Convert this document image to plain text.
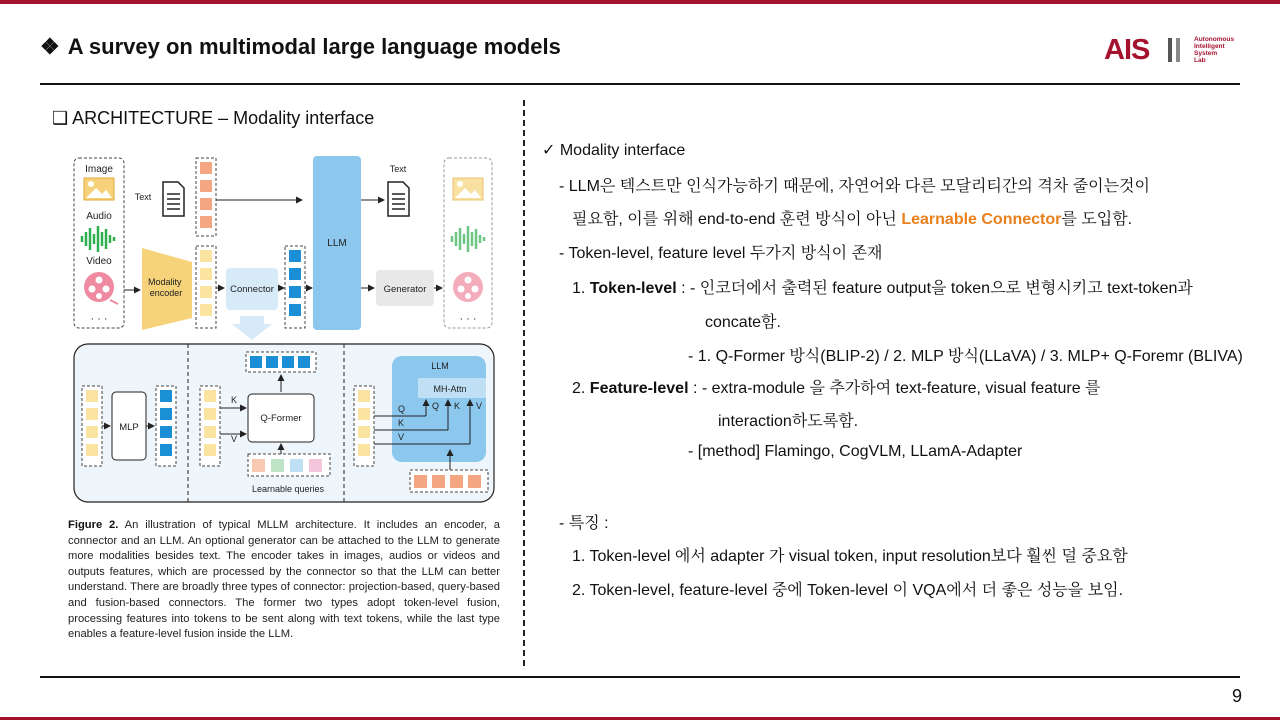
❖ A survey on multimodal large language models	AIS	Autonomous
Intelligent
System
Lab
❑ ARCHITECTURE – Modality interface
Image
Audio
Video
· · ·
Modality encoder
Text
Connector
LLM
Text
Generator
· · ·
MLP
K
V
Q-Former
Learnable queries
LLM
MH-Attn
Q
K
V
Q K V
Figure 2. An illustration of typical MLLM architecture. It includes an encoder, a connector and an LLM. An optional generator can be attached to the LLM to generate more modalities besides text. The encoder takes in images, audios or videos and outputs features, which are processed by the connector so that the LLM can better understand. There are broadly three types of connector: projection-based, query-based and fusion-based connectors. The former two types adopt token-level fusion, processing features into tokens to be sent along with text tokens, while the last type enables a feature-level fusion inside the LLM.
✓ Modality interface
- LLM은 텍스트만 인식가능하기 때문에, 자연어와 다른 모달리티간의 격차 줄이는것이
필요함, 이를 위해 end-to-end 훈련 방식이 아닌 Learnable Connector를 도입함.
- Token-level, feature level 두가지 방식이 존재
1. Token-level : - 인코더에서 출력된 feature output을 token으로 변형시키고 text-token과
concate함.
- 1. Q-Former 방식(BLIP-2) / 2. MLP 방식(LLaVA) / 3. MLP+ Q-Foremr (BLIVA)
2. Feature-level : - extra-module 을 추가하여 text-feature, visual feature 를
interaction하도록함.
- [method] Flamingo, CogVLM, LLamA-Adapter
- 특징 :
1. Token-level 에서 adapter 가 visual token, input resolution보다 훨씬 덜 중요함
2. Token-level, feature-level 중에 Token-level 이 VQA에서 더 좋은 성능을 보임.
9
